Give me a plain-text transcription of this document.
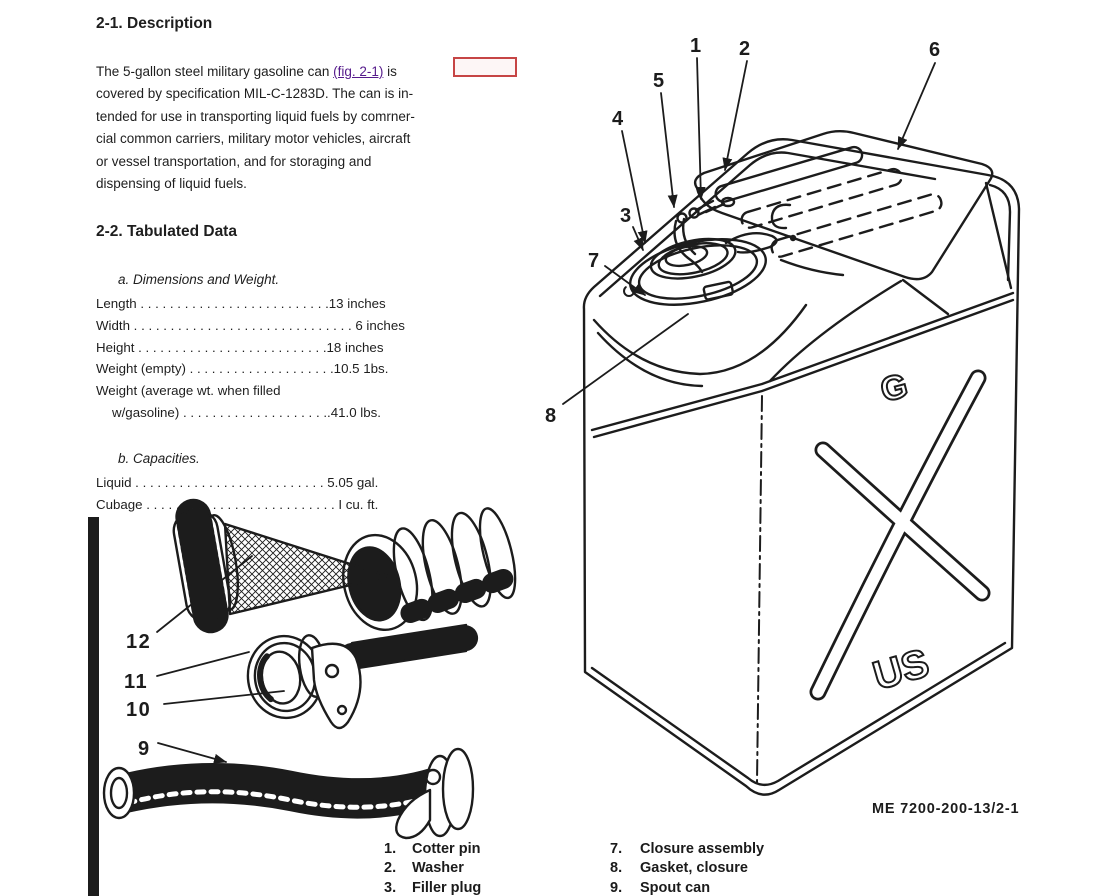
1 2	6
5
4
3
7
8
12
11
10
9
G
US
ME 7200-200-13/2-1
2-1. Description
The 5-gallon steel military gasoline can (fig. 2-1) is
covered by specification MIL-C-1283D. The can is in-
tended for use in transporting liquid fuels by comrner-
cial common carriers, military motor vehicles, aircraft
or vessel transportation, and for storaging and
dispensing of liquid fuels.
2-2. Tabulated Data
a. Dimensions and Weight.
Length . . . . . . . . . . . . . . . . . . . . . . . . . .13 inches
Width . . . . . . . . . . . . . . . . . . . . . . . . . . . . . . 6 inches
Height . . . . . . . . . . . . . . . . . . . . . . . . . .18 inches
Weight (empty) . . . . . . . . . . . . . . . . . . . .10.5 1bs.
Weight (average wt. when filled
w/gasoline) . . . . . . . . . . . . . . . . . . . ..41.0 lbs.
b. Capacities.
Liquid . . . . . . . . . . . . . . . . . . . . . . . . . . 5.05 gal.
Cubage . . . . . . . . . . . . . . . . . . . . . . . . . . I cu. ft.
1. Cotter pin
2. Washer
3. Filler plug
7. Closure assembly
8. Gasket, closure
9. Spout can
